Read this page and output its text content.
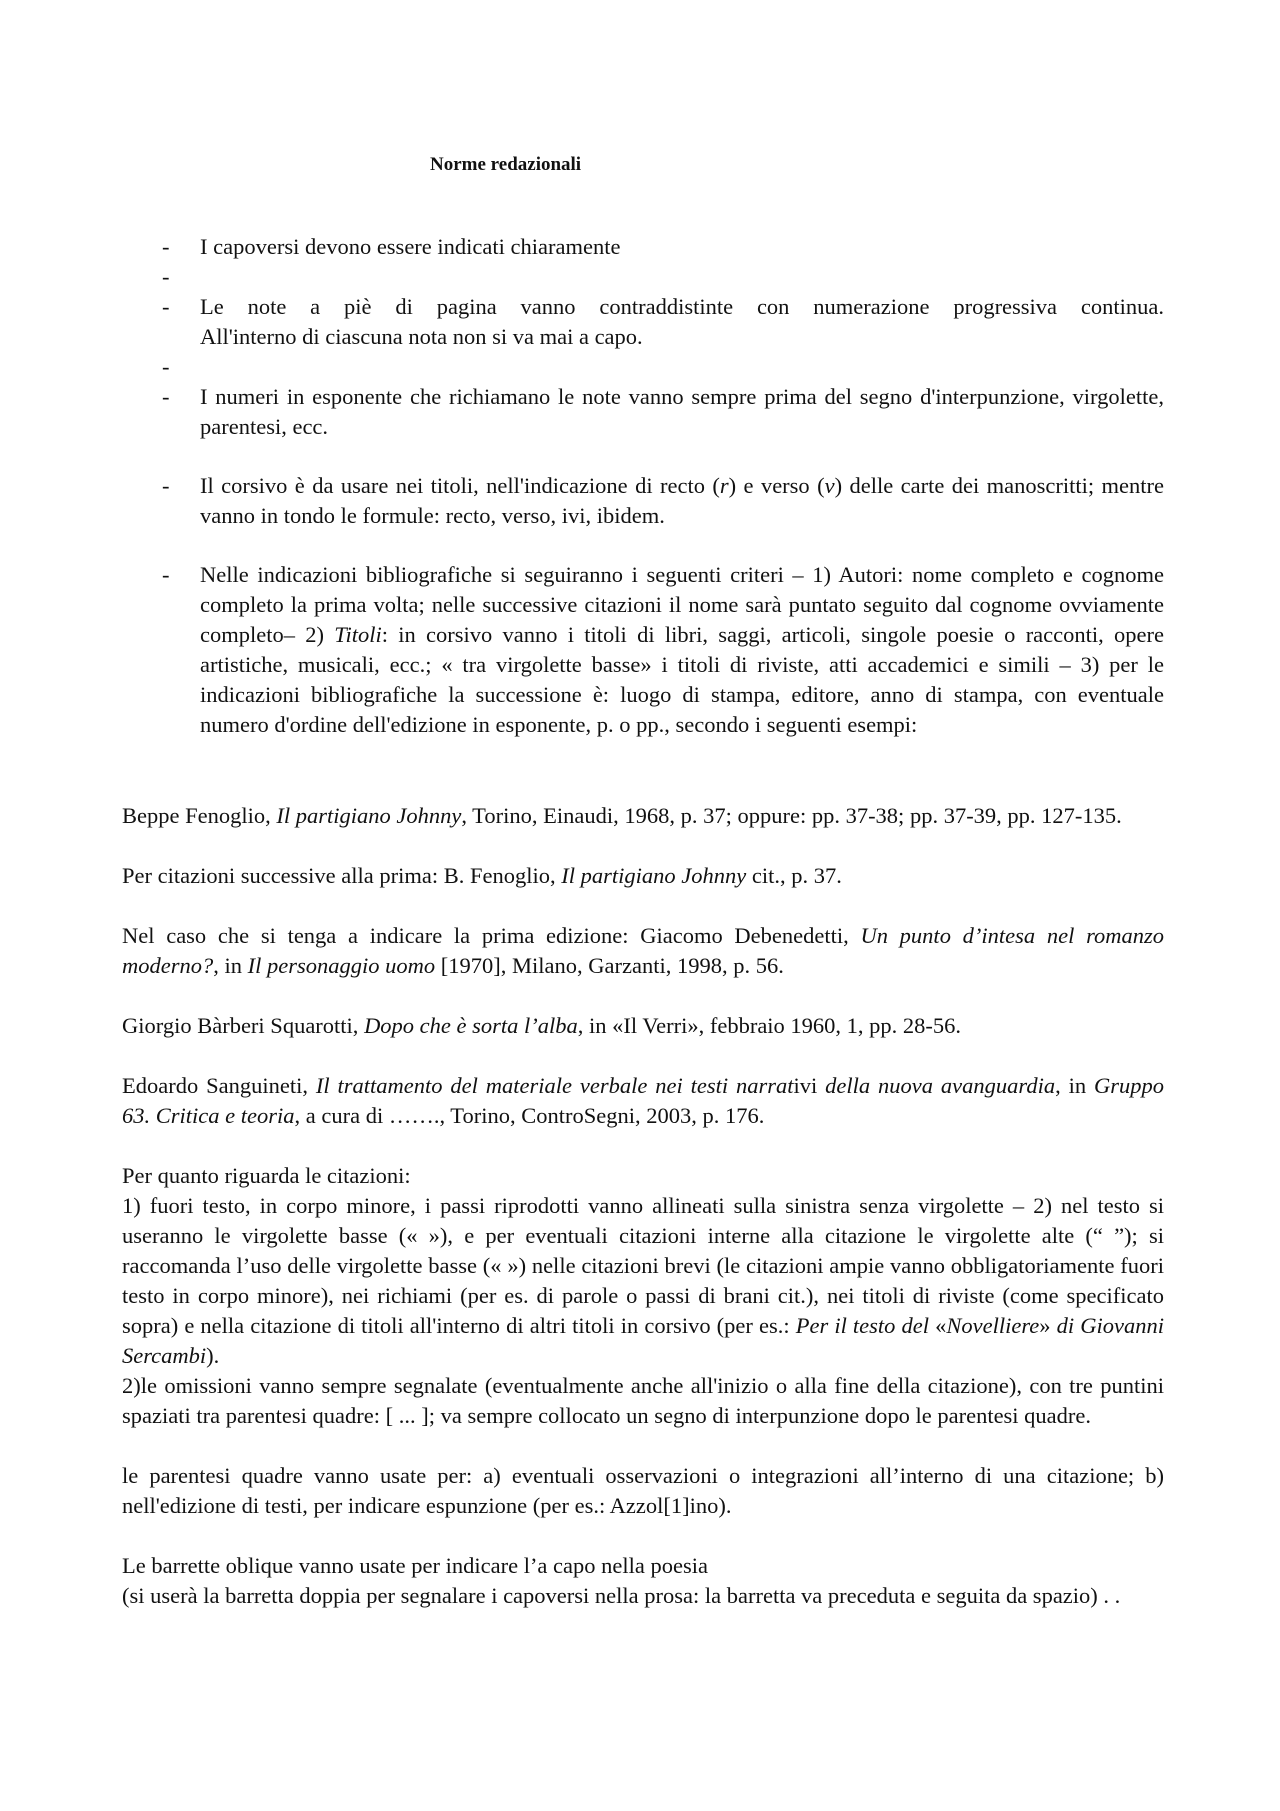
Norme redazionali
- I capoversi devono essere indicati chiaramente
-
- Le note a piè di pagina vanno contraddistinte con numerazione progressiva continua.
All'interno di ciascuna nota non si va mai a capo.
-
- I numeri in esponente che richiamano le note vanno sempre prima del segno d'interpunzione, virgolette, parentesi, ecc.
- Il corsivo è da usare nei titoli, nell'indicazione di recto (r) e verso (v) delle carte dei manoscritti; mentre vanno in tondo le formule: recto, verso, ivi, ibidem.
- Nelle indicazioni bibliografiche si seguiranno i seguenti criteri – 1) Autori: nome completo e cognome completo la prima volta; nelle successive citazioni il nome sarà puntato seguito dal cognome ovviamente completo– 2) Titoli: in corsivo vanno i titoli di libri, saggi, articoli, singole poesie o racconti, opere artistiche, musicali, ecc.; « tra virgolette basse» i titoli di riviste, atti accademici e simili – 3) per le indicazioni bibliografiche la successione è: luogo di stampa, editore, anno di stampa, con eventuale numero d'ordine dell'edizione in esponente, p. o pp., secondo i seguenti esempi:

Beppe Fenoglio, Il partigiano Johnny, Torino, Einaudi, 1968, p. 37; oppure: pp. 37-38; pp. 37-39, pp. 127-135.

Per citazioni successive alla prima: B. Fenoglio, Il partigiano Johnny cit., p. 37.

Nel caso che si tenga a indicare la prima edizione: Giacomo Debenedetti, Un punto d’intesa nel romanzo moderno?, in Il personaggio uomo [1970], Milano, Garzanti, 1998, p. 56.

Giorgio Bàrberi Squarotti, Dopo che è sorta l’alba, in «Il Verri», febbraio 1960, 1, pp. 28-56.

Edoardo Sanguineti, Il trattamento del materiale verbale nei testi narrativi della nuova avanguardia, in Gruppo 63. Critica e teoria, a cura di ……., Torino, ControSegni, 2003, p. 176.

Per quanto riguarda le citazioni:

1) fuori testo, in corpo minore, i passi riprodotti vanno allineati sulla sinistra senza virgolette – 2) nel testo si useranno le virgolette basse (« »), e per eventuali citazioni interne alla citazione le virgolette alte (“ ”); si raccomanda l’uso delle virgolette basse (« ») nelle citazioni brevi (le citazioni ampie vanno obbligatoriamente fuori testo in corpo minore), nei richiami (per es. di parole o passi di brani cit.), nei titoli di riviste (come specificato sopra) e nella citazione di titoli all'interno di altri titoli in corsivo (per es.: Per il testo del «Novelliere» di Giovanni Sercambi).

2)le omissioni vanno sempre segnalate (eventualmente anche all'inizio o alla fine della citazione), con tre puntini spaziati tra parentesi quadre: [ ... ]; va sempre collocato un segno di interpunzione dopo le parentesi quadre.

le parentesi quadre vanno usate per: a) eventuali osservazioni o integrazioni all’interno di una citazione; b) nell'edizione di testi, per indicare espunzione (per es.: Azzol[1]ino).

Le barrette oblique vanno usate per indicare l’a capo nella poesia

(si userà la barretta doppia per segnalare i capoversi nella prosa: la barretta va preceduta e seguita da spazio) . .
